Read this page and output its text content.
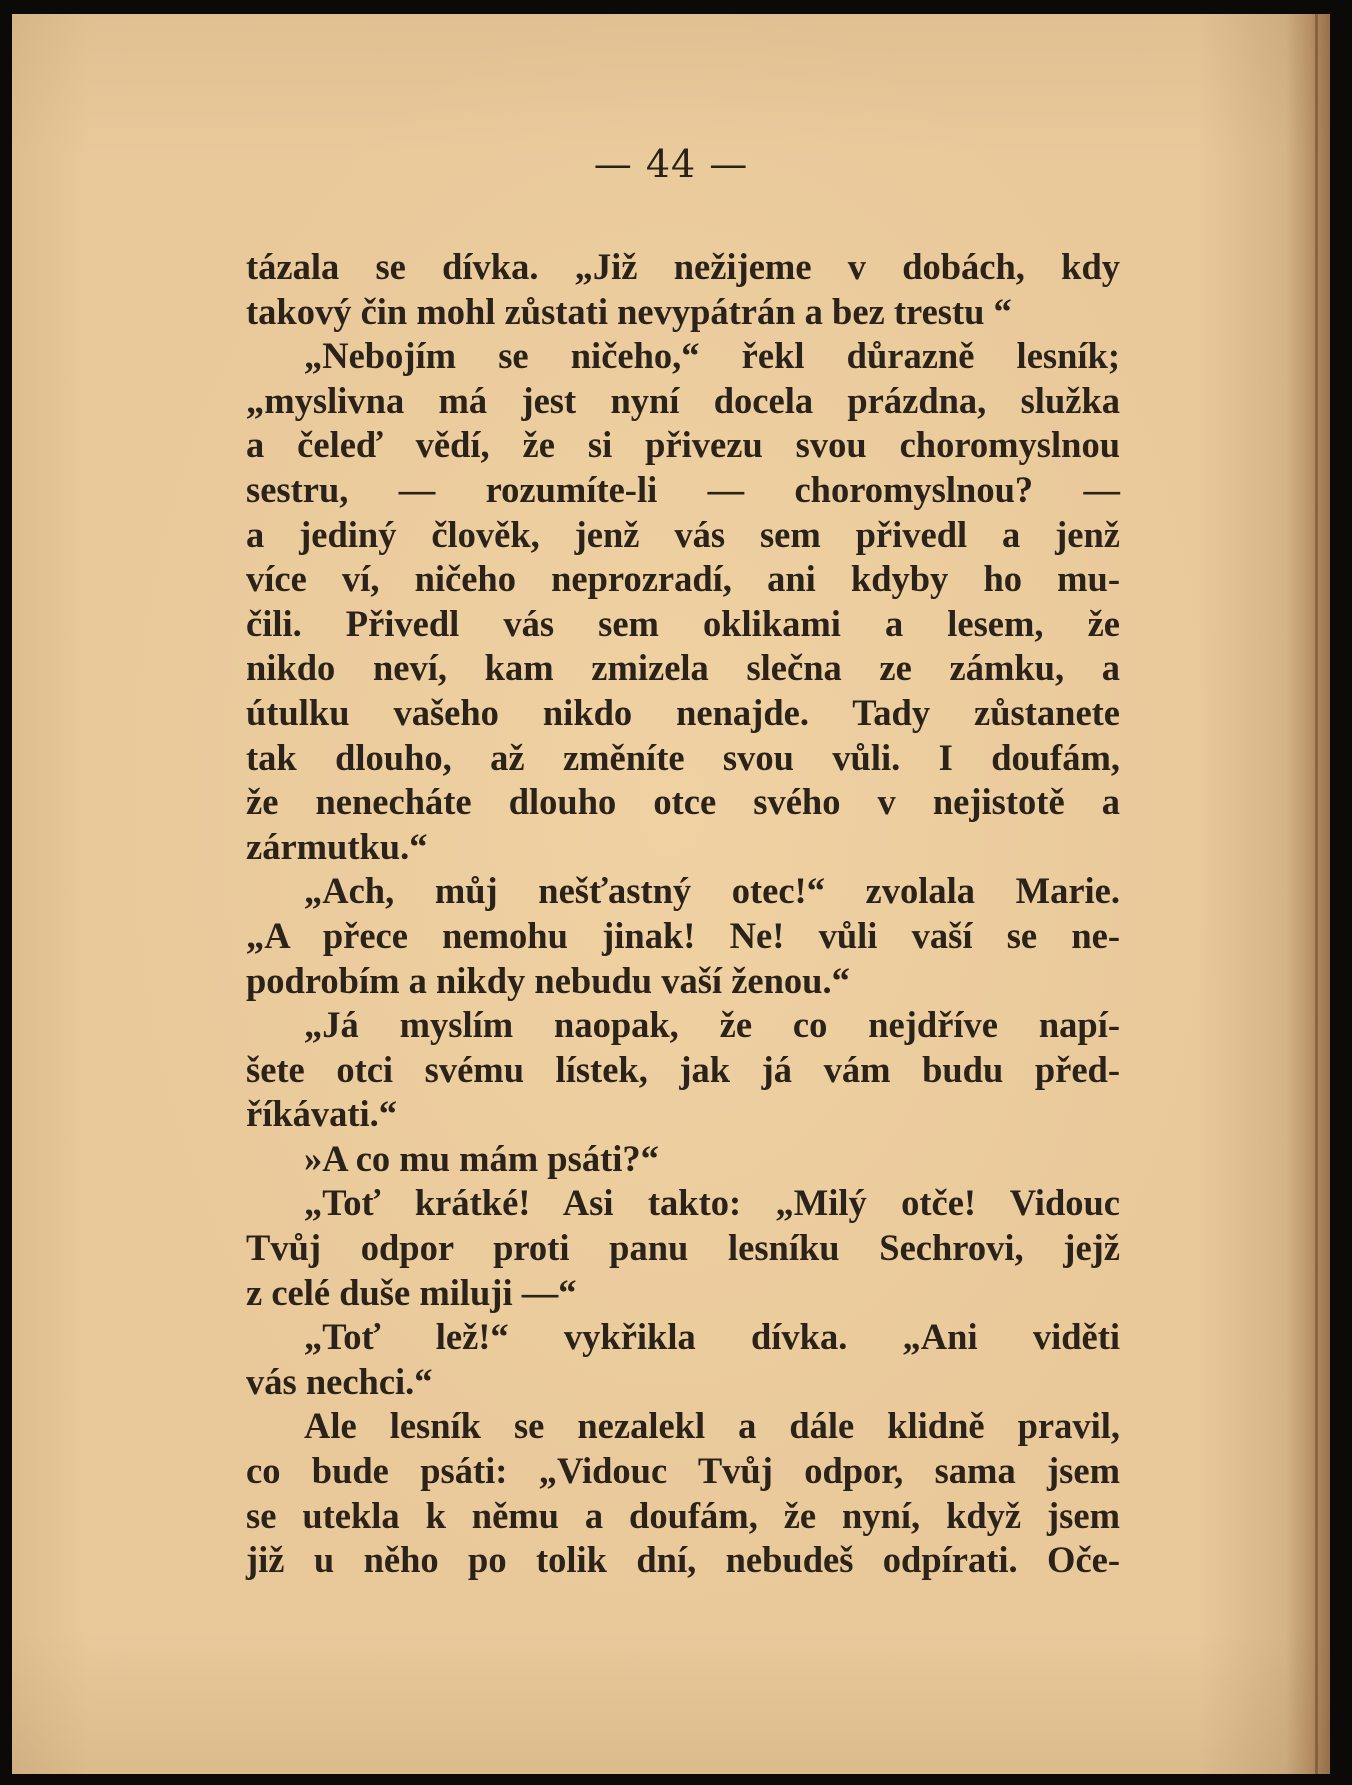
— 44 —
tázala se dívka. „Již nežijeme v dobách, kdy
takový čin mohl zůstati nevypátrán a bez trestu “
„Nebojím se ničeho,“ řekl důrazně lesník;
„myslivna má jest nyní docela prázdna, služka
a čeleď vědí, že si přivezu svou choromyslnou
sestru, — rozumíte-li — choromyslnou? —
a jediný člověk, jenž vás sem přivedl a jenž
více ví, ničeho neprozradí, ani kdyby ho mu-
čili. Přivedl vás sem oklikami a lesem, že
nikdo neví, kam zmizela slečna ze zámku, a
útulku vašeho nikdo nenajde. Tady zůstanete
tak dlouho, až změníte svou vůli. I doufám,
že nenecháte dlouho otce svého v nejistotě a
zármutku.“
„Ach, můj nešťastný otec!“ zvolala Marie.
„A přece nemohu jinak! Ne! vůli vaší se ne-
podrobím a nikdy nebudu vaší ženou.“
„Já myslím naopak, že co nejdříve napí-
šete otci svému lístek, jak já vám budu před-
říkávati.“
»A co mu mám psáti?“
„Toť krátké! Asi takto: „Milý otče! Vidouc
Tvůj odpor proti panu lesníku Sechrovi, jejž
z celé duše miluji —“
„Toť lež!“ vykřikla dívka. „Ani viděti
vás nechci.“
Ale lesník se nezalekl a dále klidně pravil,
co bude psáti: „Vidouc Tvůj odpor, sama jsem
se utekla k němu a doufám, že nyní, když jsem
již u něho po tolik dní, nebudeš odpírati. Oče-
